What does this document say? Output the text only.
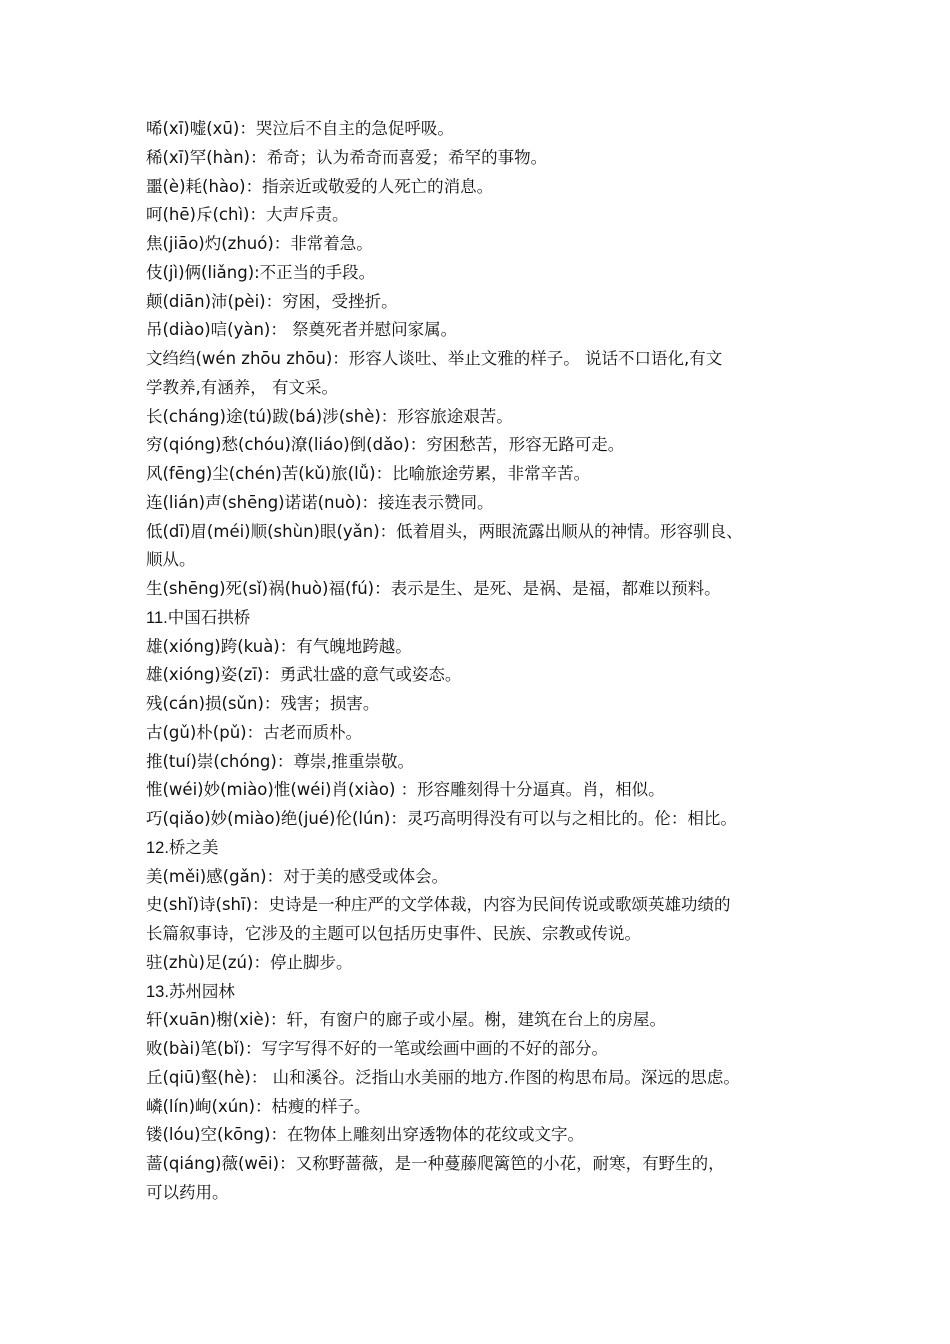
唏(xī)嘘(xū)：哭泣后不自主的急促呼吸。
稀(xī)罕(hàn)：希奇；认为希奇而喜爱；希罕的事物。
噩(è)耗(hào)：指亲近或敬爱的人死亡的消息。
呵(hē)斥(chì)：大声斥责。
焦(jiāo)灼(zhuó)：非常着急。
伎(jì)俩(liǎng):不正当的手段。
颠(diān)沛(pèi)：穷困，受挫折。
吊(diào)唁(yàn)： 祭奠死者并慰问家属。
文绉绉(wén zhōu zhōu)：形容人谈吐、举止文雅的样子。 说话不口语化,有文
学教养,有涵养， 有文采。
长(cháng)途(tú)跋(bá)涉(shè)：形容旅途艰苦。
穷(qióng)愁(chóu)潦(liáo)倒(dǎo)：穷困愁苦，形容无路可走。
风(fēng)尘(chén)苦(kǔ)旅(lǚ)：比喻旅途劳累，非常辛苦。
连(lián)声(shēng)诺诺(nuò)：接连表示赞同。
低(dī)眉(méi)顺(shùn)眼(yǎn)：低着眉头，两眼流露出顺从的神情。形容驯良、
顺从。
生(shēng)死(sǐ)祸(huò)福(fú)：表示是生、是死、是祸、是福，都难以预料。
11.中国石拱桥
雄(xióng)跨(kuà)：有气魄地跨越。
雄(xióng)姿(zī)：勇武壮盛的意气或姿态。
残(cán)损(sǔn)：残害；损害。
古(gǔ)朴(pǔ)：古老而质朴。
推(tuí)崇(chóng)：尊崇,推重崇敬。
惟(wéi)妙(miào)惟(wéi)肖(xiào) ：形容雕刻得十分逼真。肖，相似。
巧(qiǎo)妙(miào)绝(jué)伦(lún)：灵巧高明得没有可以与之相比的。伦：相比。
12.桥之美
美(měi)感(gǎn)：对于美的感受或体会。
史(shǐ)诗(shī)：史诗是一种庄严的文学体裁，内容为民间传说或歌颂英雄功绩的
长篇叙事诗，它涉及的主题可以包括历史事件、民族、宗教或传说。
驻(zhù)足(zú)：停止脚步。
13.苏州园林
轩(xuān)榭(xiè)：轩，有窗户的廊子或小屋。榭，建筑在台上的房屋。
败(bài)笔(bǐ)：写字写得不好的一笔或绘画中画的不好的部分。
丘(qiū)壑(hè)： 山和溪谷。泛指山水美丽的地方.作图的构思布局。深远的思虑。
嶙(lín)峋(xún)：枯瘦的样子。
镂(lóu)空(kōng)：在物体上雕刻出穿透物体的花纹或文字。
蔷(qiáng)薇(wēi)：又称野蔷薇，是一种蔓藤爬篱笆的小花，耐寒，有野生的，
可以药用。
